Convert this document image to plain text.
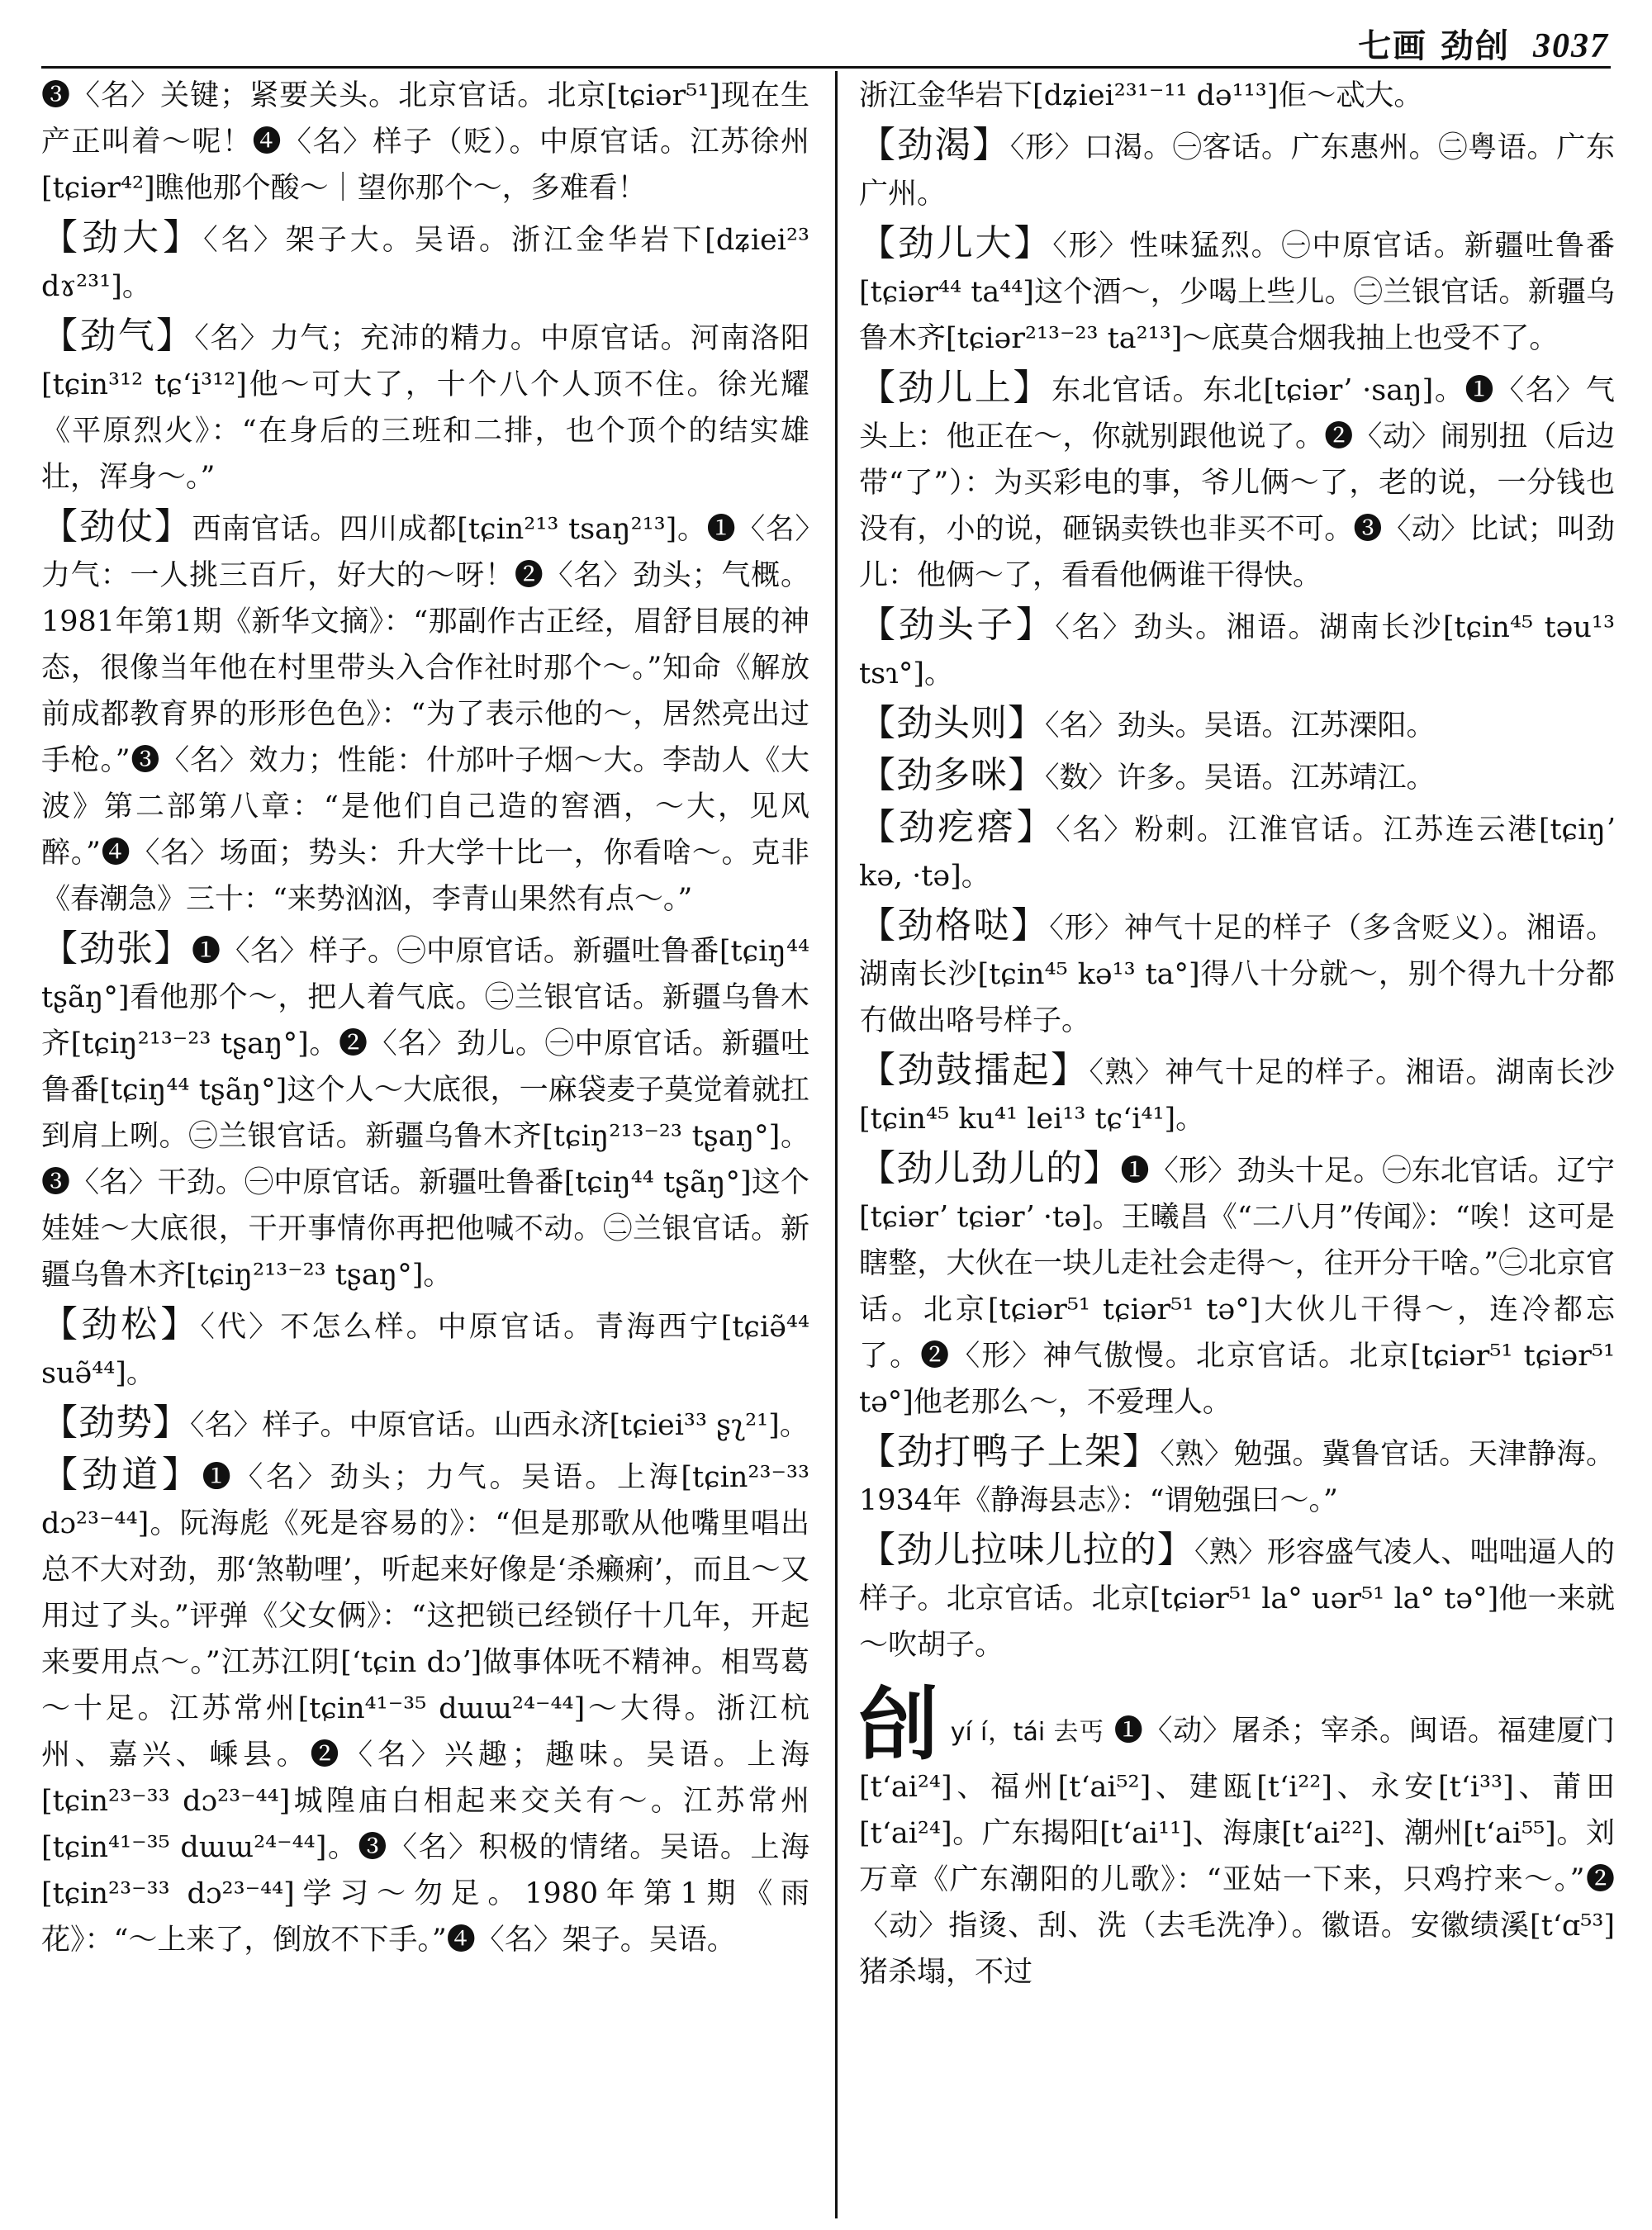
七画 劲刣 3037

❸〈名〉关键；紧要关头。北京官话。北京[tɕiər⁵¹]现在生产正叫着～呢！❹〈名〉样子（贬）。中原官话。江苏徐州[tɕiər⁴²]瞧他那个酸～｜望你那个～，多难看！

【劲大】〈名〉架子大。吴语。浙江金华岩下[dʑiei²³ dɤ²³¹]。

【劲气】〈名〉力气；充沛的精力。中原官话。河南洛阳[tɕin³¹² tɕʻi³¹²]他～可大了，十个八个人顶不住。徐光耀《平原烈火》：“在身后的三班和二排，也个顶个的结实雄壮，浑身～。”

【劲仗】西南官话。四川成都[tɕin²¹³ tsaŋ²¹³]。❶〈名〉力气：一人挑三百斤，好大的～呀！❷〈名〉劲头；气概。1981年第1期《新华文摘》：“那副作古正经，眉舒目展的神态，很像当年他在村里带头入合作社时那个～。”知命《解放前成都教育界的形形色色》：“为了表示他的～，居然亮出过手枪。”❸〈名〉效力；性能：什邡叶子烟～大。李劼人《大波》第二部第八章：“是他们自己造的窖酒，～大，见风醉。”❹〈名〉场面；势头：升大学十比一，你看啥～。克非《春潮急》三十：“来势汹汹，李青山果然有点～。”

【劲张】❶〈名〉样子。㊀中原官话。新疆吐鲁番[tɕiŋ⁴⁴ tʂãŋ°]看他那个～，把人着气底。㊁兰银官话。新疆乌鲁木齐[tɕiŋ²¹³⁻²³ tʂaŋ°]。❷〈名〉劲儿。㊀中原官话。新疆吐鲁番[tɕiŋ⁴⁴ tʂãŋ°]这个人～大底很，一麻袋麦子莫觉着就扛到肩上咧。㊁兰银官话。新疆乌鲁木齐[tɕiŋ²¹³⁻²³ tʂaŋ°]。❸〈名〉干劲。㊀中原官话。新疆吐鲁番[tɕiŋ⁴⁴ tʂãŋ°]这个娃娃～大底很，干开事情你再把他喊不动。㊁兰银官话。新疆乌鲁木齐[tɕiŋ²¹³⁻²³ tʂaŋ°]。

【劲松】〈代〉不怎么样。中原官话。青海西宁[tɕiə̃⁴⁴ suə̃⁴⁴]。

【劲势】〈名〉样子。中原官话。山西永济[tɕiei³³ ʂʅ²¹]。

【劲道】❶〈名〉劲头；力气。吴语。上海[tɕin²³⁻³³ dɔ²³⁻⁴⁴]。阮海彪《死是容易的》：“但是那歌从他嘴里唱出总不大对劲，那‘煞勒哩’，听起来好像是‘杀癞痢’，而且～又用过了头。”评弹《父女俩》：“这把锁已经锁仔十几年，开起来要用点～。”江苏江阴[ʻtɕin dɔʼ]做事体呒不精神。相骂葛～十足。江苏常州[tɕin⁴¹⁻³⁵ dɯɯ²⁴⁻⁴⁴]～大得。浙江杭州、嘉兴、嵊县。❷〈名〉兴趣；趣味。吴语。上海[tɕin²³⁻³³ dɔ²³⁻⁴⁴]城隍庙白相起来交关有～。江苏常州[tɕin⁴¹⁻³⁵ dɯɯ²⁴⁻⁴⁴]。❸〈名〉积极的情绪。吴语。上海[tɕin²³⁻³³ dɔ²³⁻⁴⁴]学习～勿足。1980年第1期《雨花》：“～上来了，倒放不下手。”❹〈名〉架子。吴语。

浙江金华岩下[dʑiei²³¹⁻¹¹ də¹¹³]佢～忒大。

【劲渴】〈形〉口渴。㊀客话。广东惠州。㊁粤语。广东广州。

【劲儿大】〈形〉性味猛烈。㊀中原官话。新疆吐鲁番[tɕiər⁴⁴ ta⁴⁴]这个酒～，少喝上些儿。㊁兰银官话。新疆乌鲁木齐[tɕiər²¹³⁻²³ ta²¹³]～底莫合烟我抽上也受不了。

【劲儿上】东北官话。东北[tɕiərʼ ·saŋ]。❶〈名〉气头上：他正在～，你就别跟他说了。❷〈动〉闹别扭（后边带“了”）：为买彩电的事，爷儿俩～了，老的说，一分钱也没有，小的说，砸锅卖铁也非买不可。❸〈动〉比试；叫劲儿：他俩～了，看看他俩谁干得快。

【劲头子】〈名〉劲头。湘语。湖南长沙[tɕin⁴⁵ təu¹³ tsɿ°]。

【劲头则】〈名〉劲头。吴语。江苏溧阳。

【劲多咪】〈数〉许多。吴语。江苏靖江。

【劲疙瘩】〈名〉粉刺。江淮官话。江苏连云港[tɕiŋʼ kə, ·tə]。

【劲格哒】〈形〉神气十足的样子（多含贬义）。湘语。湖南长沙[tɕin⁴⁵ kə¹³ ta°]得八十分就～，别个得九十分都冇做出咯号样子。

【劲鼓擂起】〈熟〉神气十足的样子。湘语。湖南长沙[tɕin⁴⁵ ku⁴¹ lei¹³ tɕʻi⁴¹]。

【劲儿劲儿的】❶〈形〉劲头十足。㊀东北官话。辽宁[tɕiərʼ tɕiərʼ ·tə]。王曦昌《“二八月”传闻》：“唉！这可是瞎整，大伙在一块儿走社会走得～，往开分干啥。”㊁北京官话。北京[tɕiər⁵¹ tɕiər⁵¹ tə°]大伙儿干得～，连冷都忘了。❷〈形〉神气傲慢。北京官话。北京[tɕiər⁵¹ tɕiər⁵¹ tə°]他老那么～，不爱理人。

【劲打鸭子上架】〈熟〉勉强。冀鲁官话。天津静海。1934年《静海县志》：“谓勉强曰～。”

【劲儿拉味儿拉的】〈熟〉形容盛气凌人、咄咄逼人的样子。北京官话。北京[tɕiər⁵¹ la° uər⁵¹ la° tə°]他一来就～吹胡子。

刣yí í，tái 去丐 ❶〈动〉屠杀；宰杀。闽语。福建厦门[tʻai²⁴]、福州[tʻai⁵²]、建瓯[tʻi²²]、永安[tʻi³³]、莆田[tʻai²⁴]。广东揭阳[tʻai¹¹]、海康[tʻai²²]、潮州[tʻai⁵⁵]。刘万章《广东潮阳的儿歌》：“亚姑一下来，只鸡拧来～。”❷〈动〉指烫、刮、洗（去毛洗净）。徽语。安徽绩溪[tʻɑ⁵³]猪杀塌，不过
